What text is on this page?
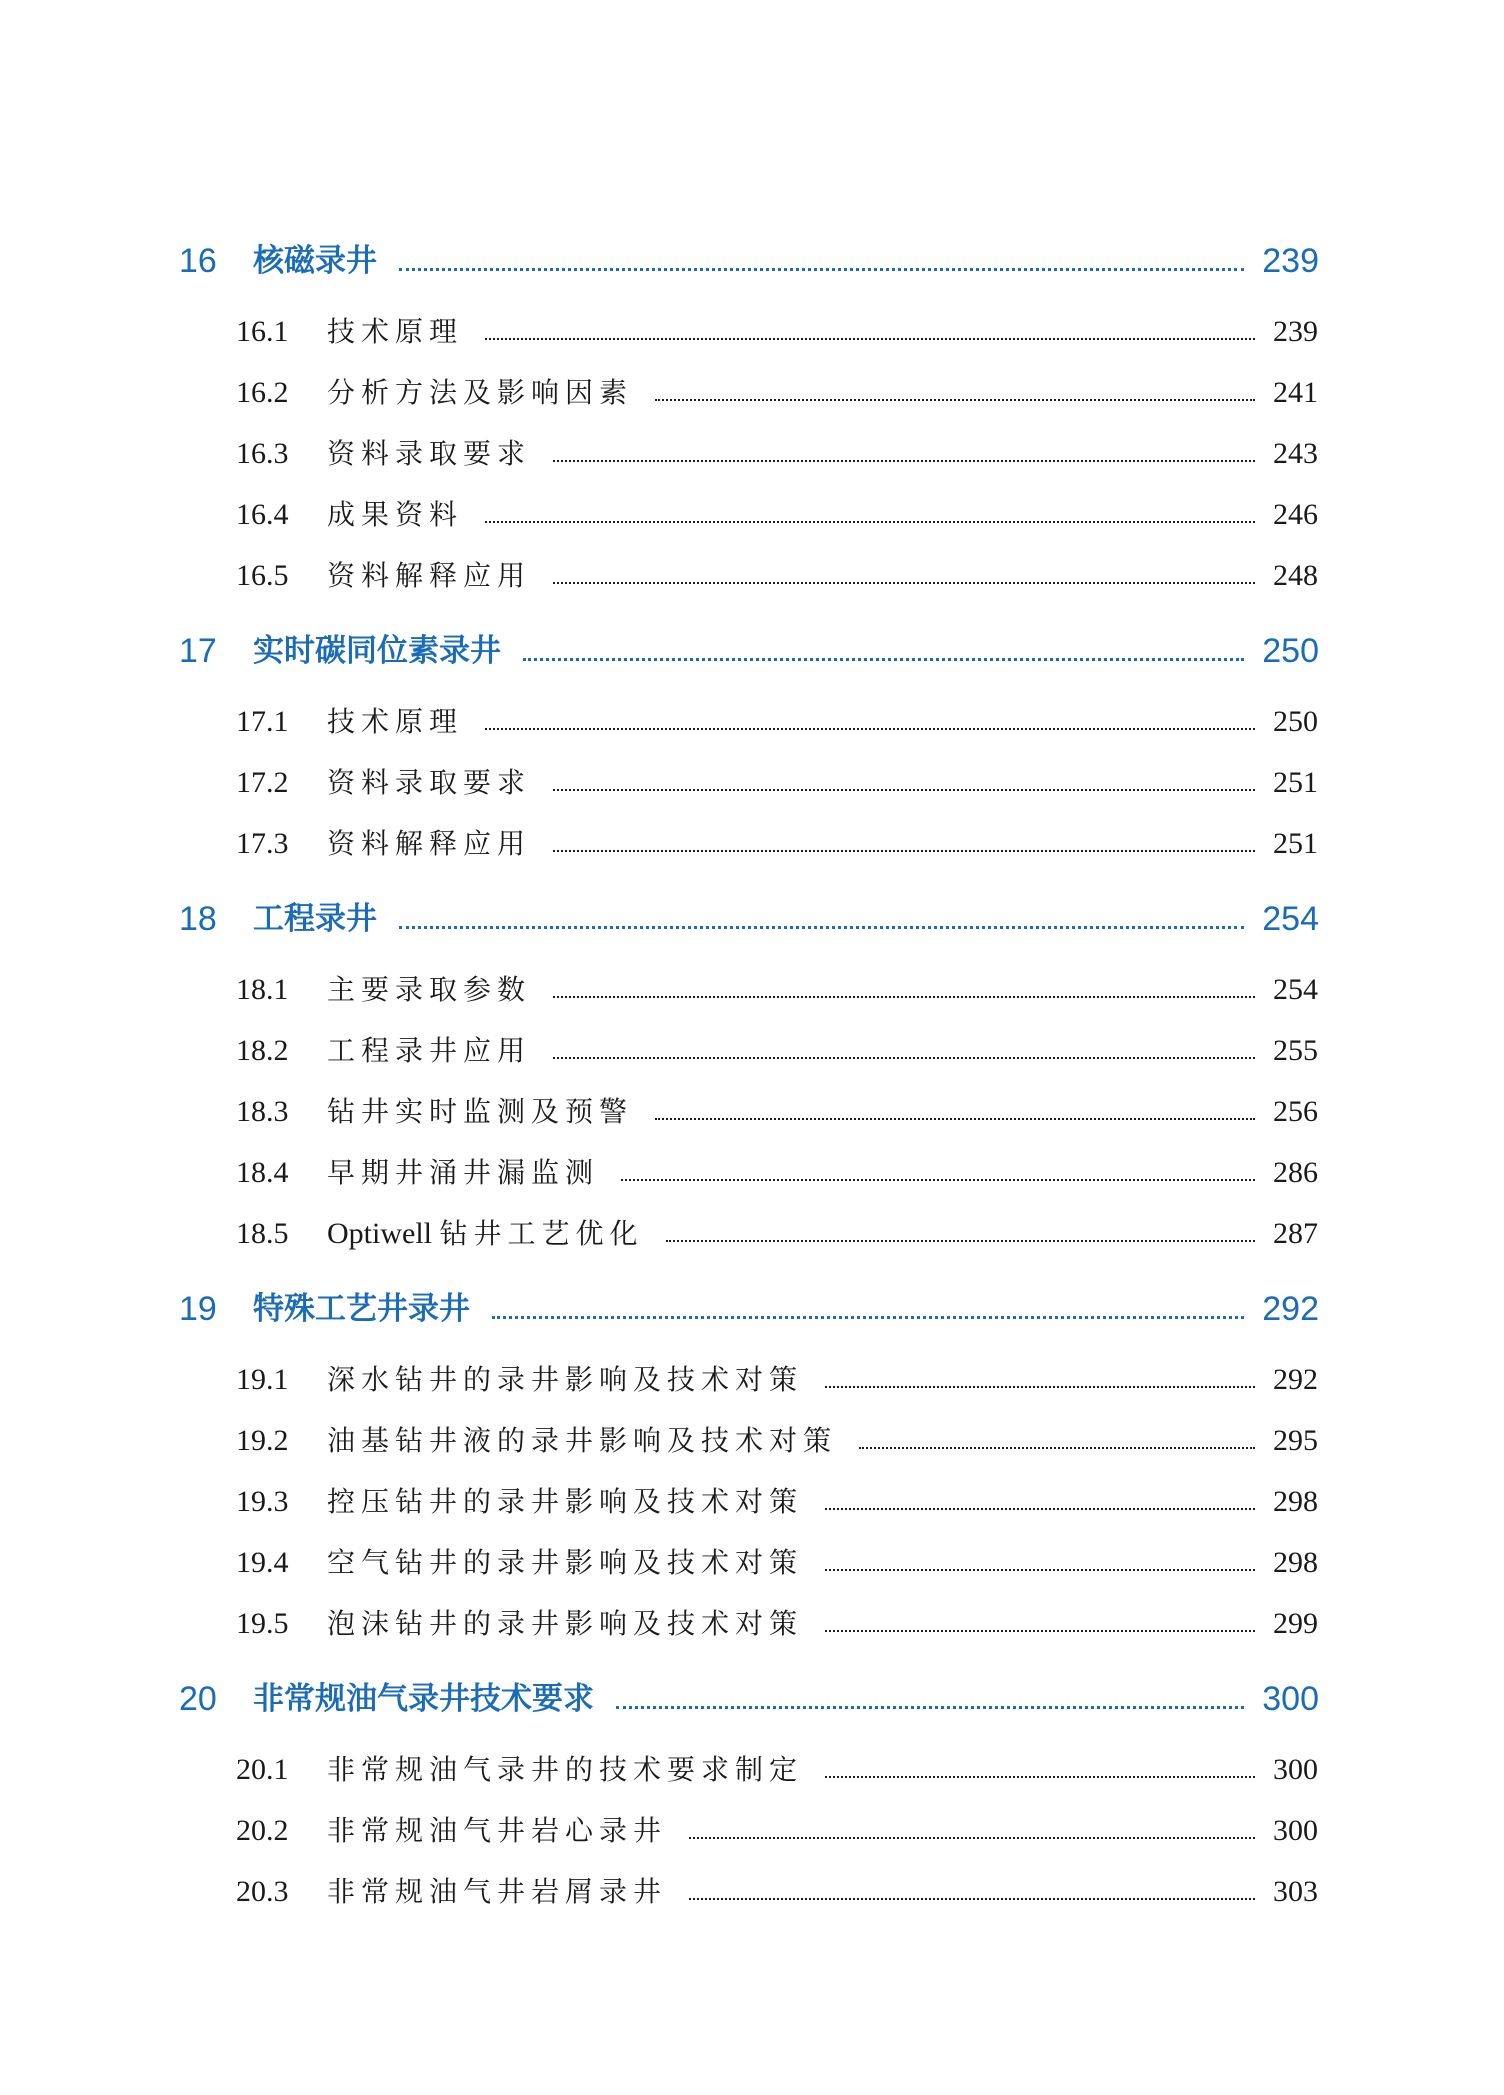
16 核磁录井	239
16.1 技术原理	239
16.2 分析方法及影响因素	241
16.3 资料录取要求	243
16.4 成果资料	246
16.5 资料解释应用	248
17 实时碳同位素录井	250
17.1 技术原理	250
17.2 资料录取要求	251
17.3 资料解释应用	251
18 工程录井	254
18.1 主要录取参数	254
18.2 工程录井应用	255
18.3 钻井实时监测及预警	256
18.4 早期井涌井漏监测	286
18.5 Optiwell 钻井工艺优化	287
19 特殊工艺井录井	292
19.1 深水钻井的录井影响及技术对策	292
19.2 油基钻井液的录井影响及技术对策	295
19.3 控压钻井的录井影响及技术对策	298
19.4 空气钻井的录井影响及技术对策	298
19.5 泡沫钻井的录井影响及技术对策	299
20 非常规油气录井技术要求	300
20.1 非常规油气录井的技术要求制定	300
20.2 非常规油气井岩心录井	300
20.3 非常规油气井岩屑录井	303
